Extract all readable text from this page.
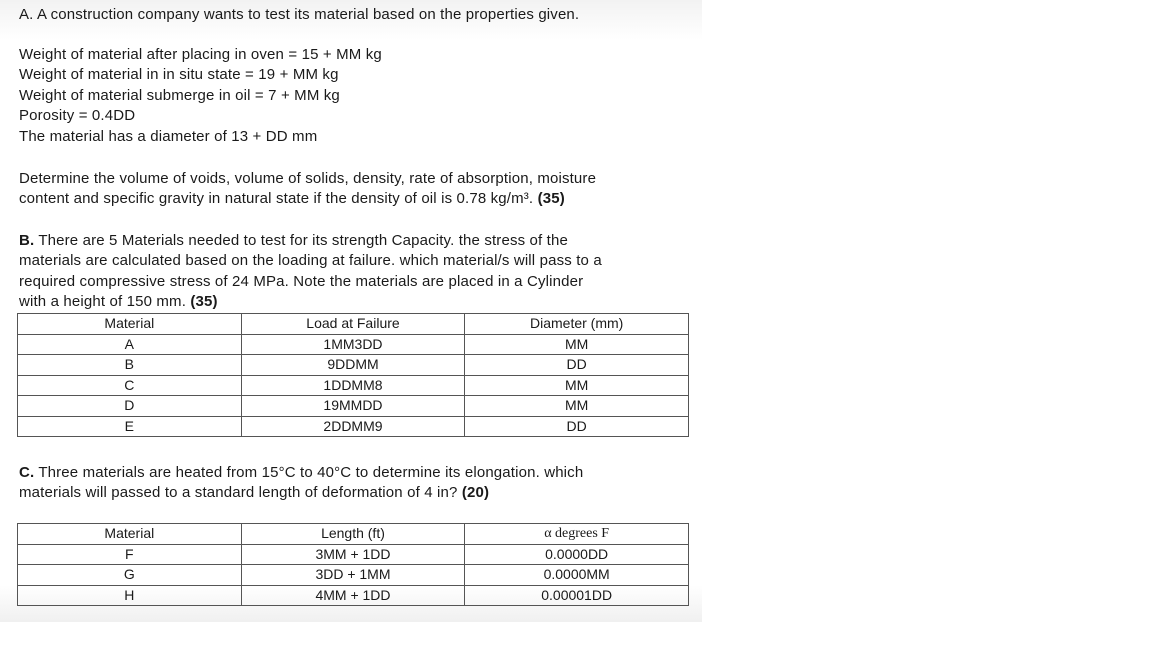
A. A construction company wants to test its material based on the properties given.
Weight of material after placing in oven = 15 + MM kg
Weight of material in in situ state = 19 + MM kg
Weight of material submerge in oil = 7 + MM kg
Porosity = 0.4DD
The material has a diameter of 13 + DD mm
Determine the volume of voids, volume of solids, density, rate of absorption, moisture
content and specific gravity in natural state if the density of oil is 0.78 kg/m³. (35)
B. There are 5 Materials needed to test for its strength Capacity. the stress of the
materials are calculated based on the loading at failure. which material/s will pass to a
required compressive stress of 24 MPa. Note the materials are placed in a Cylinder
with a height of 150 mm. (35)
Material	Load at Failure	Diameter (mm)
A	1MM3DD	MM
B	9DDMM	DD
C	1DDMM8	MM
D	19MMDD	MM
E	2DDMM9	DD
C. Three materials are heated from 15°C to 40°C to determine its elongation. which
materials will passed to a standard length of deformation of 4 in? (20)
Material	Length (ft)	α degrees F
F	3MM + 1DD	0.0000DD
G	3DD + 1MM	0.0000MM
H	4MM + 1DD	0.00001DD
